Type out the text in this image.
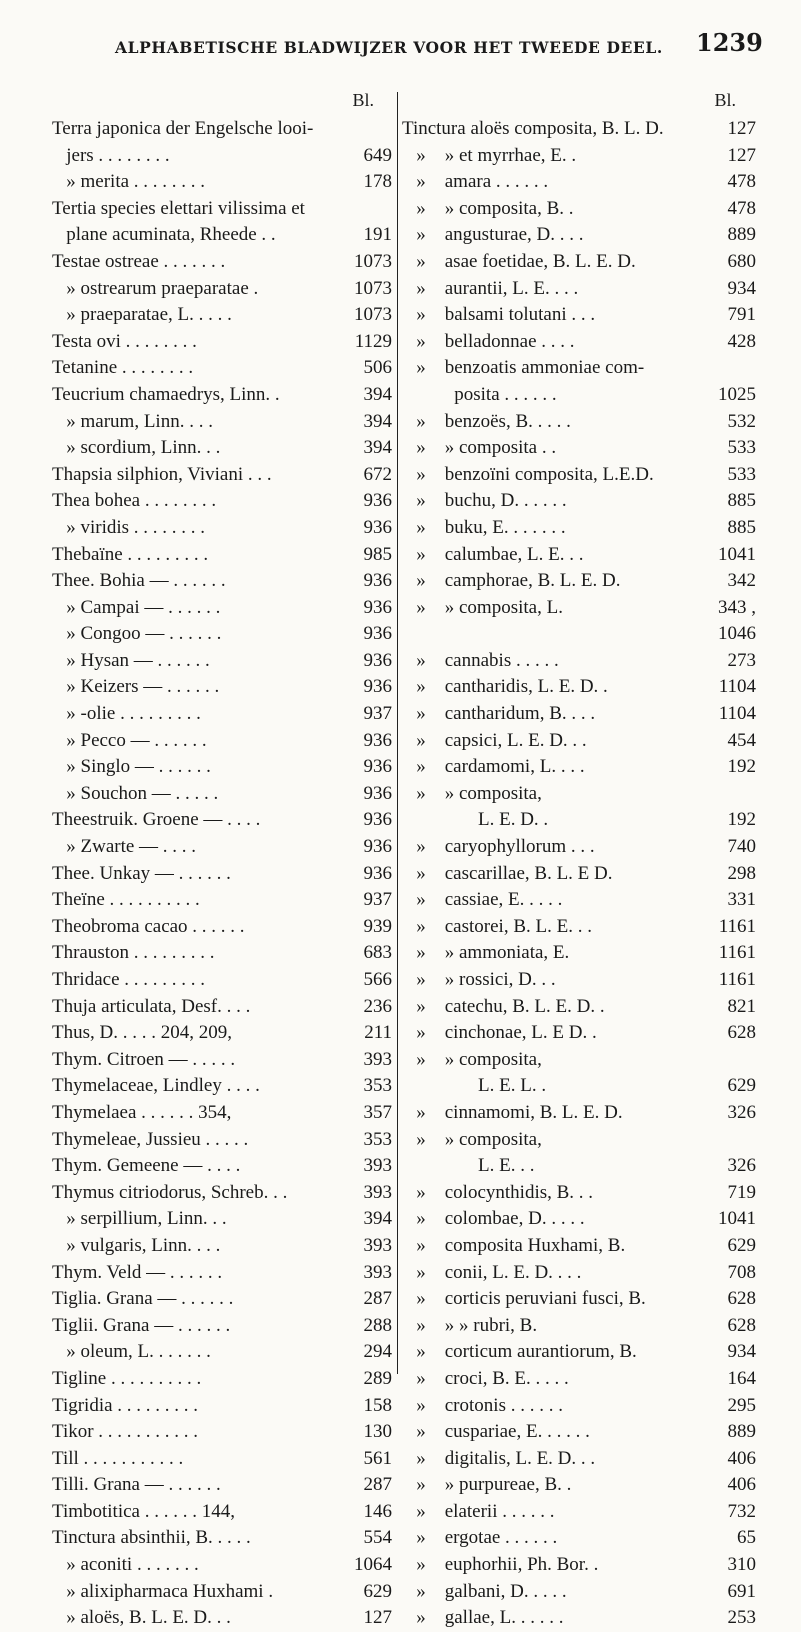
ALPHABETISCHE BLADWIJZER VOOR HET TWEEDE DEEL. 1239
Bl.
Terra japonica der Engelsche looi-
jers . . . . . . . .	649
» merita . . . . . . . .	178
Tertia species elettari vilissima et
plane acuminata, Rheede . .	191
Testae ostreae . . . . . . .	1073
» ostrearum praeparatae .	1073
» praeparatae, L. . . . .	1073
Testa ovi . . . . . . . .	1129
Tetanine . . . . . . . .	506
Teucrium chamaedrys, Linn. .	394
» marum, Linn. . . .	394
» scordium, Linn. . .	394
Thapsia silphion, Viviani . . .	672
Thea bohea . . . . . . . .	936
» viridis . . . . . . . .	936
Thebaïne . . . . . . . . .	985
Thee. Bohia — . . . . . .	936
» Campai — . . . . . .	936
» Congoo — . . . . . .	936
» Hysan — . . . . . .	936
» Keizers — . . . . . .	936
» -olie . . . . . . . . .	937
» Pecco — . . . . . .	936
» Singlo — . . . . . .	936
» Souchon — . . . . .	936
Theestruik. Groene — . . . .	936
» Zwarte — . . . .	936
Thee. Unkay — . . . . . .	936
Theïne . . . . . . . . . .	937
Theobroma cacao . . . . . .	939
Thrauston . . . . . . . . .	683
Thridace . . . . . . . . .	566
Thuja articulata, Desf. . . .	236
Thus, D. . . . . 204, 209,	211
Thym. Citroen — . . . . .	393
Thymelaceae, Lindley . . . .	353
Thymelaea . . . . . . 354,	357
Thymeleae, Jussieu . . . . .	353
Thym. Gemeene — . . . .	393
Thymus citriodorus, Schreb. . .	393
» serpillium, Linn. . .	394
» vulgaris, Linn. . . .	393
Thym. Veld — . . . . . .	393
Tiglia. Grana — . . . . . .	287
Tiglii. Grana — . . . . . .	288
» oleum, L. . . . . . .	294
Tigline . . . . . . . . . .	289
Tigridia . . . . . . . . .	158
Tikor . . . . . . . . . . .	130
Till . . . . . . . . . . .	561
Tilli. Grana — . . . . . .	287
Timbotitica . . . . . . 144,	146
Tinctura absinthii, B. . . . .	554
» aconiti . . . . . . .	1064
» alixipharmaca Huxhami .	629
» aloës, B. L. E. D. . .	127
Bl.
Tinctura aloës composita, B. L. D.	127
»    » et myrrhae, E. .	127
»    amara . . . . . .	478
»    » composita, B. .	478
»    angusturae, D. . . .	889
»    asae foetidae, B. L. E. D.	680
»    aurantii, L. E. . . .	934
»    balsami tolutani . . .	791
»    belladonnae . . . .	428
»    benzoatis ammoniae com-
posita . . . . . .	1025
»    benzoës, B. . . . .	532
»    » composita . .	533
»    benzoïni composita, L.E.D.	533
»    buchu, D. . . . . .	885
»    buku, E. . . . . . .	885
»    calumbae, L. E. . .	1041
»    camphorae, B. L. E. D.	342
»    » composita, L.	343 ,
1046
»    cannabis . . . . .	273
»    cantharidis, L. E. D. .	1104
»    cantharidum, B. . . .	1104
»    capsici, L. E. D. . .	454
»    cardamomi, L. . . .	192
»    » composita,
L. E. D. .	192
»    caryophyllorum . . .	740
»    cascarillae, B. L. E D.	298
»    cassiae, E. . . . .	331
»    castorei, B. L. E. . .	1161
»    » ammoniata, E.	1161
»    » rossici, D. . .	1161
»    catechu, B. L. E. D. .	821
»    cinchonae, L. E D. .	628
»    » composita,
L. E. L. .	629
»    cinnamomi, B. L. E. D.	326
»    » composita,
L. E. . .	326
»    colocynthidis, B. . .	719
»    colombae, D. . . . .	1041
»    composita Huxhami, B.	629
»    conii, L. E. D. . . .	708
»    corticis peruviani fusci, B.	628
»    » » rubri, B.	628
»    corticum aurantiorum, B.	934
»    croci, B. E. . . . .	164
»    crotonis . . . . . .	295
»    cuspariae, E. . . . . .	889
»    digitalis, L. E. D. . .	406
»    » purpureae, B. .	406
»    elaterii . . . . . .	732
»    ergotae . . . . . .	65
»    euphorhii, Ph. Bor. .	310
»    galbani, D. . . . .	691
»    gallae, L. . . . . .	253
